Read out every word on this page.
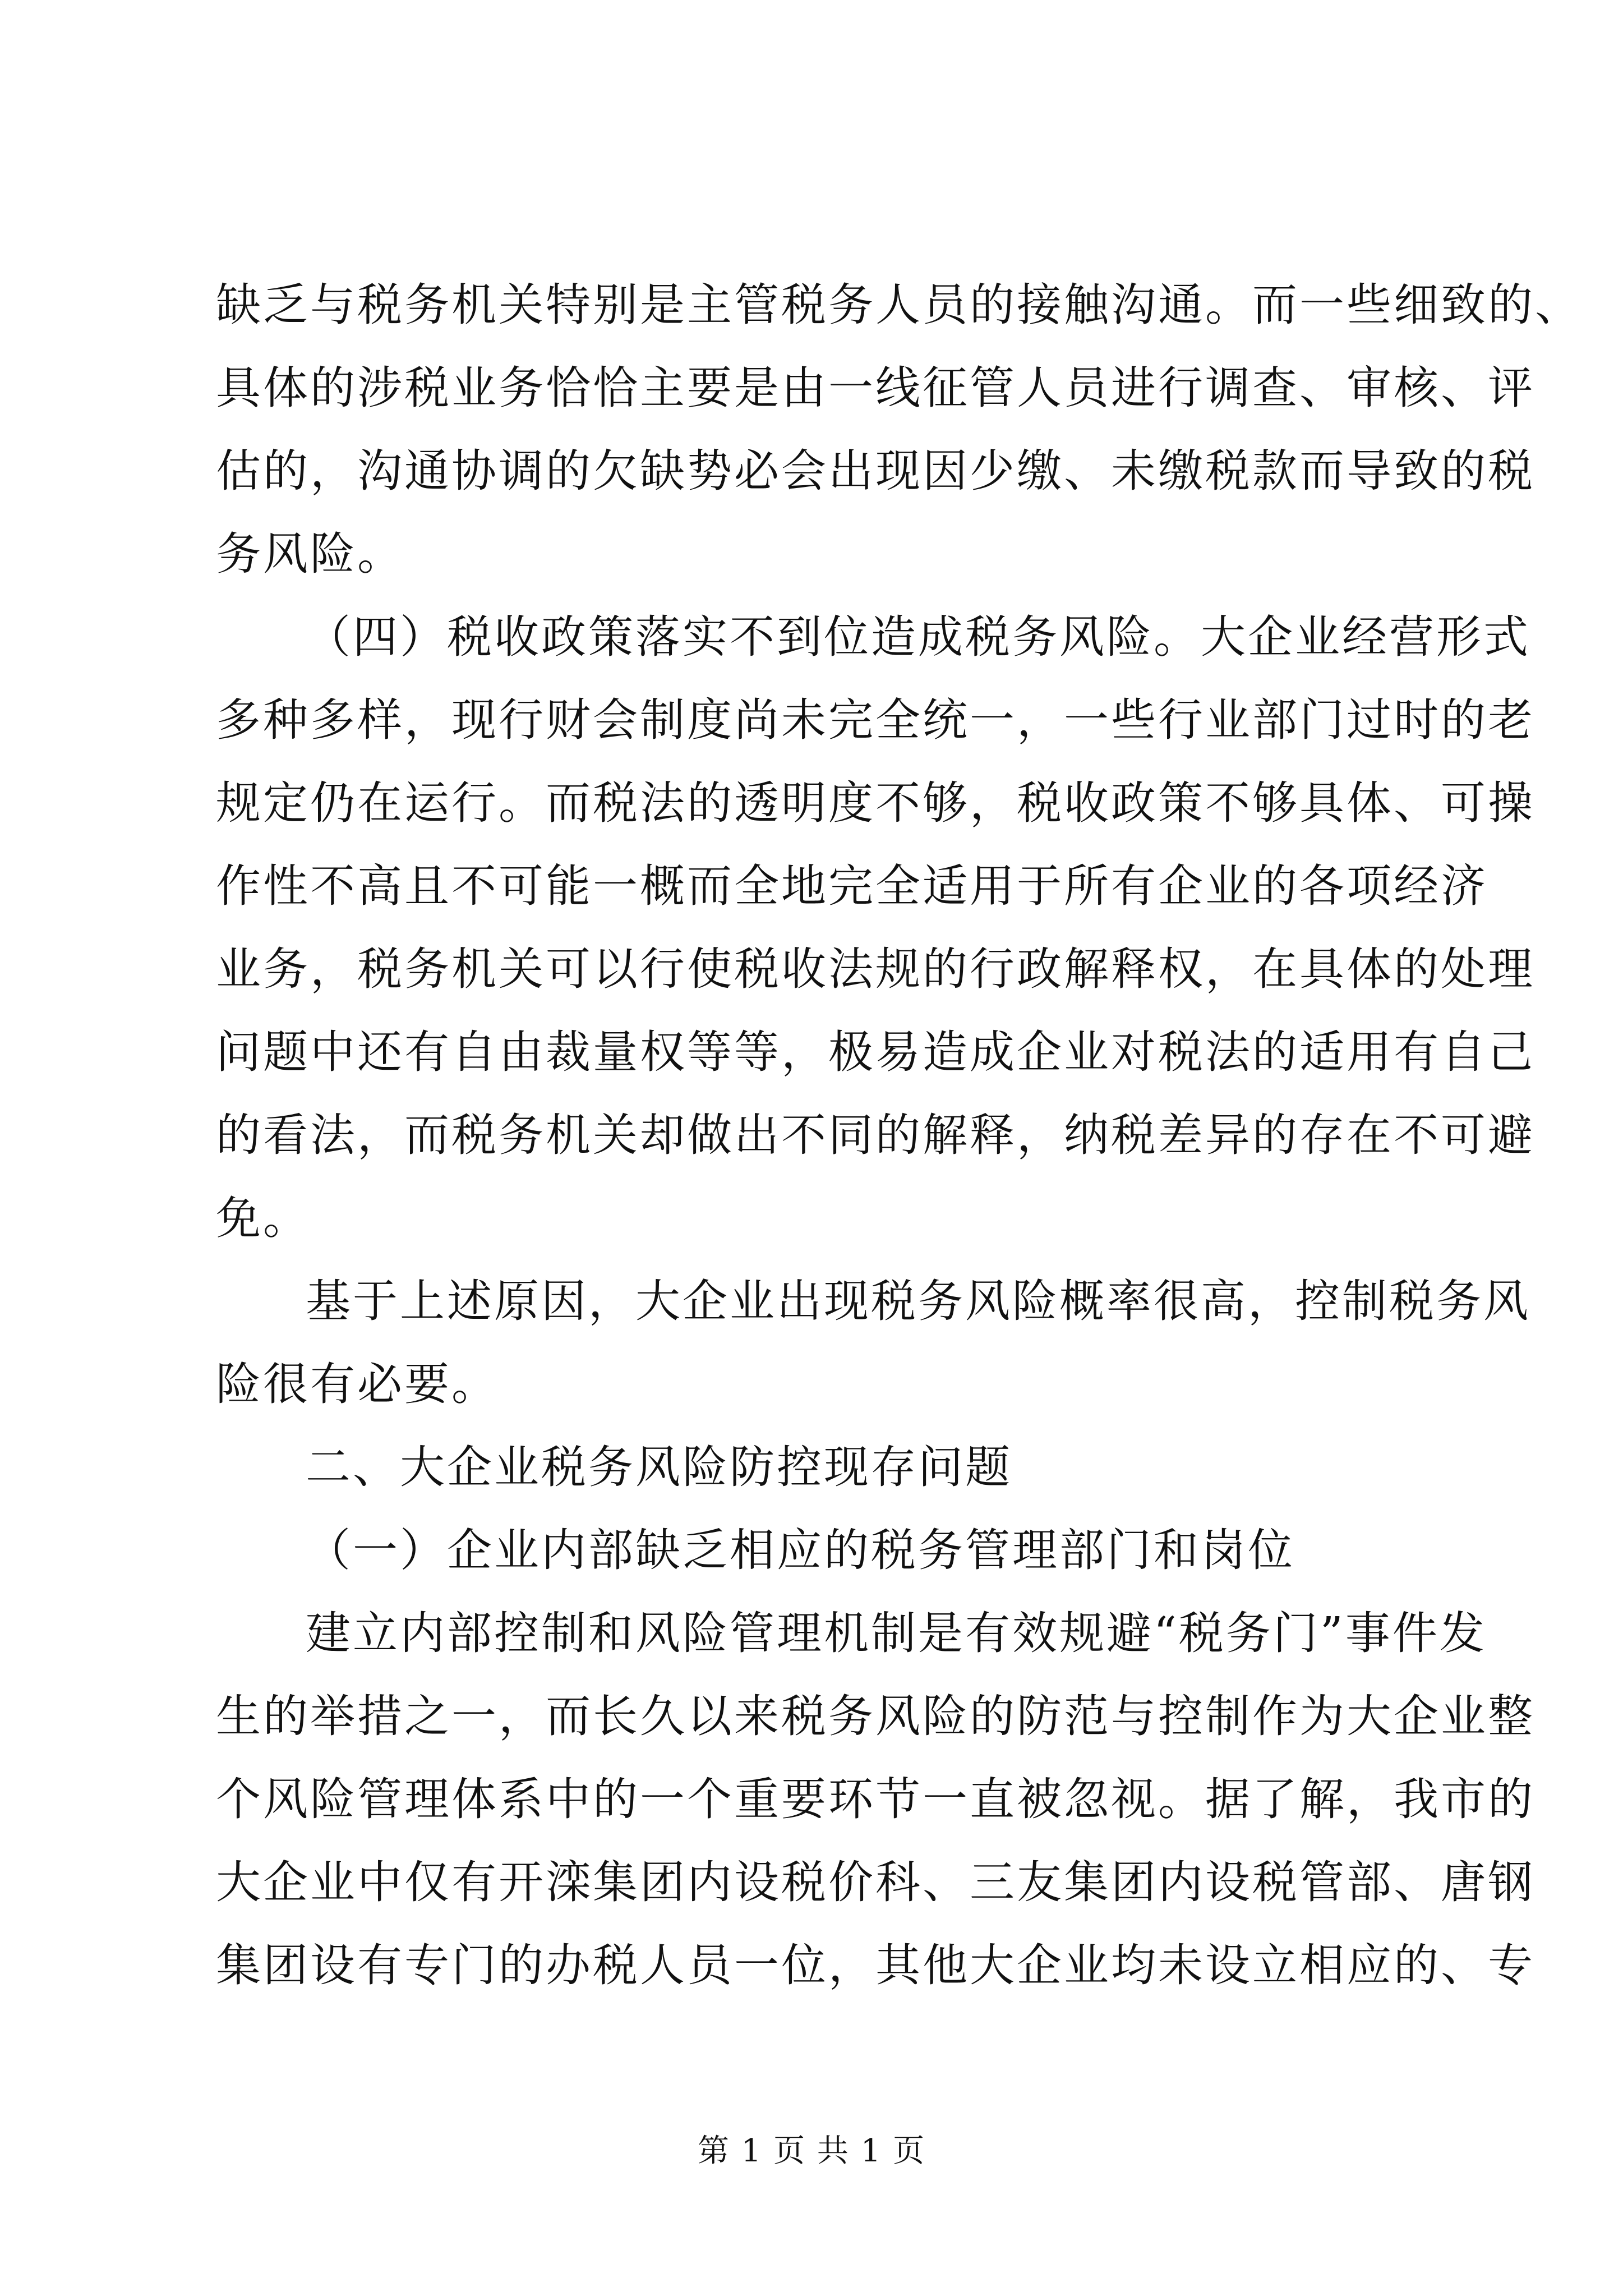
缺乏与税务机关特别是主管税务人员的接触沟通。而一些细致的、
具体的涉税业务恰恰主要是由一线征管人员进行调查、审核、评
估的，沟通协调的欠缺势必会出现因少缴、未缴税款而导致的税
务风险。
（四）税收政策落实不到位造成税务风险。大企业经营形式
多种多样，现行财会制度尚未完全统一，一些行业部门过时的老
规定仍在运行。而税法的透明度不够，税收政策不够具体、可操
作性不高且不可能一概而全地完全适用于所有企业的各项经济
业务，税务机关可以行使税收法规的行政解释权，在具体的处理
问题中还有自由裁量权等等，极易造成企业对税法的适用有自己
的看法，而税务机关却做出不同的解释，纳税差异的存在不可避
免。
基于上述原因，大企业出现税务风险概率很高，控制税务风
险很有必要。
二、大企业税务风险防控现存问题
（一）企业内部缺乏相应的税务管理部门和岗位
建立内部控制和风险管理机制是有效规避“税务门”事件发
生的举措之一，而长久以来税务风险的防范与控制作为大企业整
个风险管理体系中的一个重要环节一直被忽视。据了解，我市的
大企业中仅有开滦集团内设税价科、三友集团内设税管部、唐钢
集团设有专门的办税人员一位，其他大企业均未设立相应的、专
第 1 页 共 1 页
